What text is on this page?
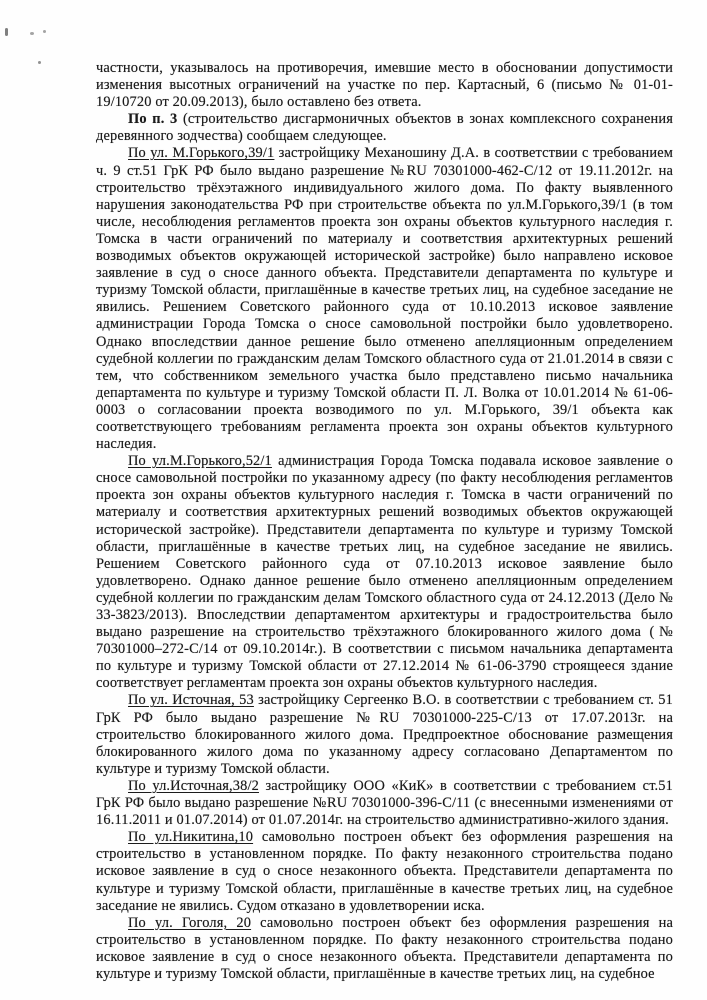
частности, указывалось на противоречия, имевшие место в обосновании допустимости изменения высотных ограничений на участке по пер. Картасный, 6 (письмо № 01-01-19/10720 от 20.09.2013), было оставлено без ответа.

По п. 3 (строительство дисгармоничных объектов в зонах комплексного сохранения деревянного зодчества) сообщаем следующее.

По ул. М.Горького,39/1 застройщику Механошину Д.А. в соответствии с требованием ч. 9 ст.51 ГрК РФ было выдано разрешение №RU 70301000-462-С/12 от 19.11.2012г. на строительство трёхэтажного индивидуального жилого дома. По факту выявленного нарушения законодательства РФ при строительстве объекта по ул.М.Горького,39/1 (в том числе, несоблюдения регламентов проекта зон охраны объектов культурного наследия г. Томска в части ограничений по материалу и соответствия архитектурных решений возводимых объектов окружающей исторической застройке) было направлено исковое заявление в суд о сносе данного объекта. Представители департамента по культуре и туризму Томской области, приглашённые в качестве третьих лиц, на судебное заседание не явились. Решением Советского районного суда от 10.10.2013 исковое заявление администрации Города Томска о сносе самовольной постройки было удовлетворено. Однако впоследствии данное решение было отменено апелляционным определением судебной коллегии по гражданским делам Томского областного суда от 21.01.2014 в связи с тем, что собственником земельного участка было представлено письмо начальника департамента по культуре и туризму Томской области П. Л. Волка от 10.01.2014 № 61-06-0003 о согласовании проекта возводимого по ул. М.Горького, 39/1 объекта как соответствующего требованиям регламента проекта зон охраны объектов культурного наследия.

По ул.М.Горького,52/1 администрация Города Томска подавала исковое заявление о сносе самовольной постройки по указанному адресу (по факту несоблюдения регламентов проекта зон охраны объектов культурного наследия г. Томска в части ограничений по материалу и соответствия архитектурных решений возводимых объектов окружающей исторической застройке). Представители департамента по культуре и туризму Томской области, приглашённые в качестве третьих лиц, на судебное заседание не явились. Решением Советского районного суда от 07.10.2013 исковое заявление было удовлетворено. Однако данное решение было отменено апелляционным определением судебной коллегии по гражданским делам Томского областного суда от 24.12.2013 (Дело № 33-3823/2013). Впоследствии департаментом архитектуры и градостроительства было выдано разрешение на строительство трёхэтажного блокированного жилого дома (№ 70301000–272-С/14 от 09.10.2014г.). В соответствии с письмом начальника департамента по культуре и туризму Томской области от 27.12.2014 № 61-06-3790 строящееся здание соответствует регламентам проекта зон охраны объектов культурного наследия.

По ул. Источная, 53 застройщику Сергеенко В.О. в соответствии с требованием ст. 51 ГрК РФ было выдано разрешение №RU 70301000-225-С/13 от 17.07.2013г. на строительство блокированного жилого дома. Предпроектное обоснование размещения блокированного жилого дома по указанному адресу согласовано Департаментом по культуре и туризму Томской области.

По ул.Источная,38/2 застройщику ООО «КиК» в соответствии с требованием ст.51 ГрК РФ было выдано разрешение №RU 70301000-396-С/11 (с внесенными изменениями от 16.11.2011 и 01.07.2014) от 01.07.2014г. на строительство административно-жилого здания.

По ул.Никитина,10 самовольно построен объект без оформления разрешения на строительство в установленном порядке. По факту незаконного строительства подано исковое заявление в суд о сносе незаконного объекта. Представители департамента по культуре и туризму Томской области, приглашённые в качестве третьих лиц, на судебное заседание не явились. Судом отказано в удовлетворении иска.

По ул. Гоголя, 20 самовольно построен объект без оформления разрешения на строительство в установленном порядке. По факту незаконного строительства подано исковое заявление в суд о сносе незаконного объекта. Представители департамента по культуре и туризму Томской области, приглашённые в качестве третьих лиц, на судебное
